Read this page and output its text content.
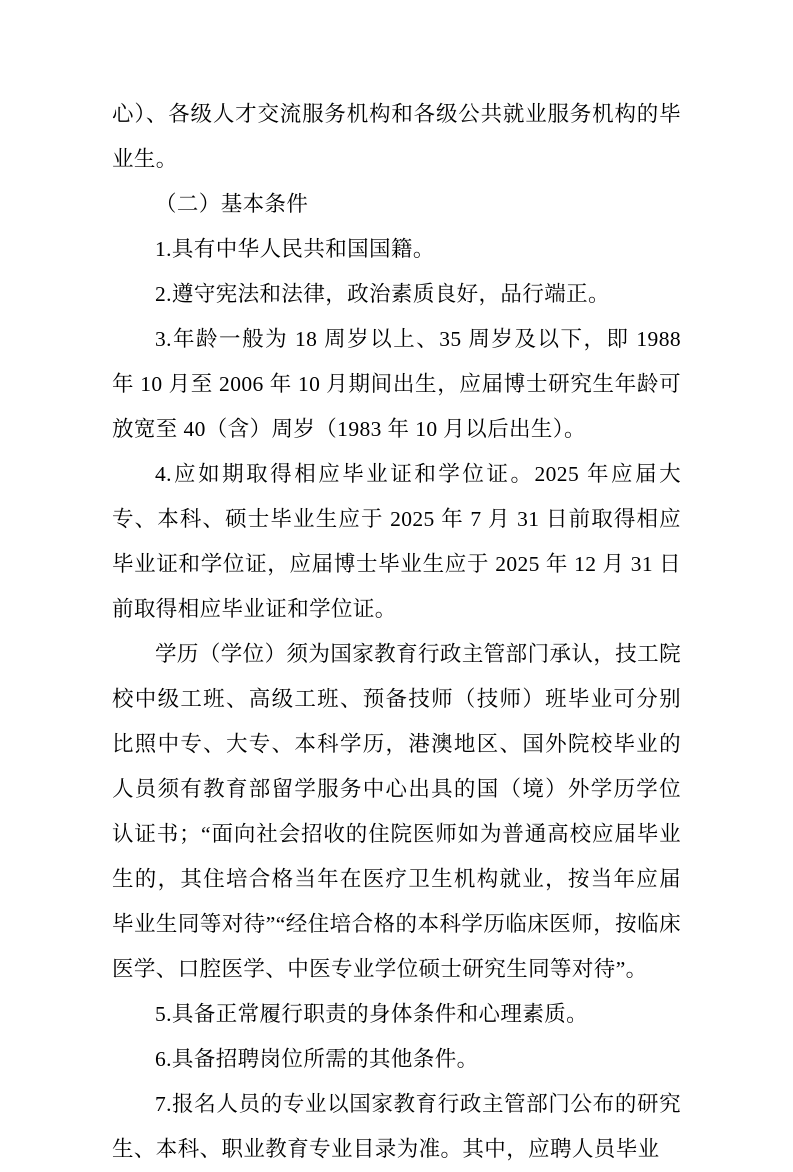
心）、各级人才交流服务机构和各级公共就业服务机构的毕业生。

（二）基本条件

1.具有中华人民共和国国籍。

2.遵守宪法和法律，政治素质良好，品行端正。

3.年龄一般为 18 周岁以上、35 周岁及以下，即 1988 年 10 月至 2006 年 10 月期间出生，应届博士研究生年龄可放宽至 40（含）周岁（1983 年 10 月以后出生）。

4.应如期取得相应毕业证和学位证。2025 年应届大专、本科、硕士毕业生应于 2025 年 7 月 31 日前取得相应毕业证和学位证，应届博士毕业生应于 2025 年 12 月 31 日前取得相应毕业证和学位证。

学历（学位）须为国家教育行政主管部门承认，技工院校中级工班、高级工班、预备技师（技师）班毕业可分别比照中专、大专、本科学历，港澳地区、国外院校毕业的人员须有教育部留学服务中心出具的国（境）外学历学位认证书；“面向社会招收的住院医师如为普通高校应届毕业生的，其住培合格当年在医疗卫生机构就业，按当年应届毕业生同等对待”“经住培合格的本科学历临床医师，按临床医学、口腔医学、中医专业学位硕士研究生同等对待”。

5.具备正常履行职责的身体条件和心理素质。

6.具备招聘岗位所需的其他条件。

7.报名人员的专业以国家教育行政主管部门公布的研究生、本科、职业教育专业目录为准。其中，应聘人员毕业
